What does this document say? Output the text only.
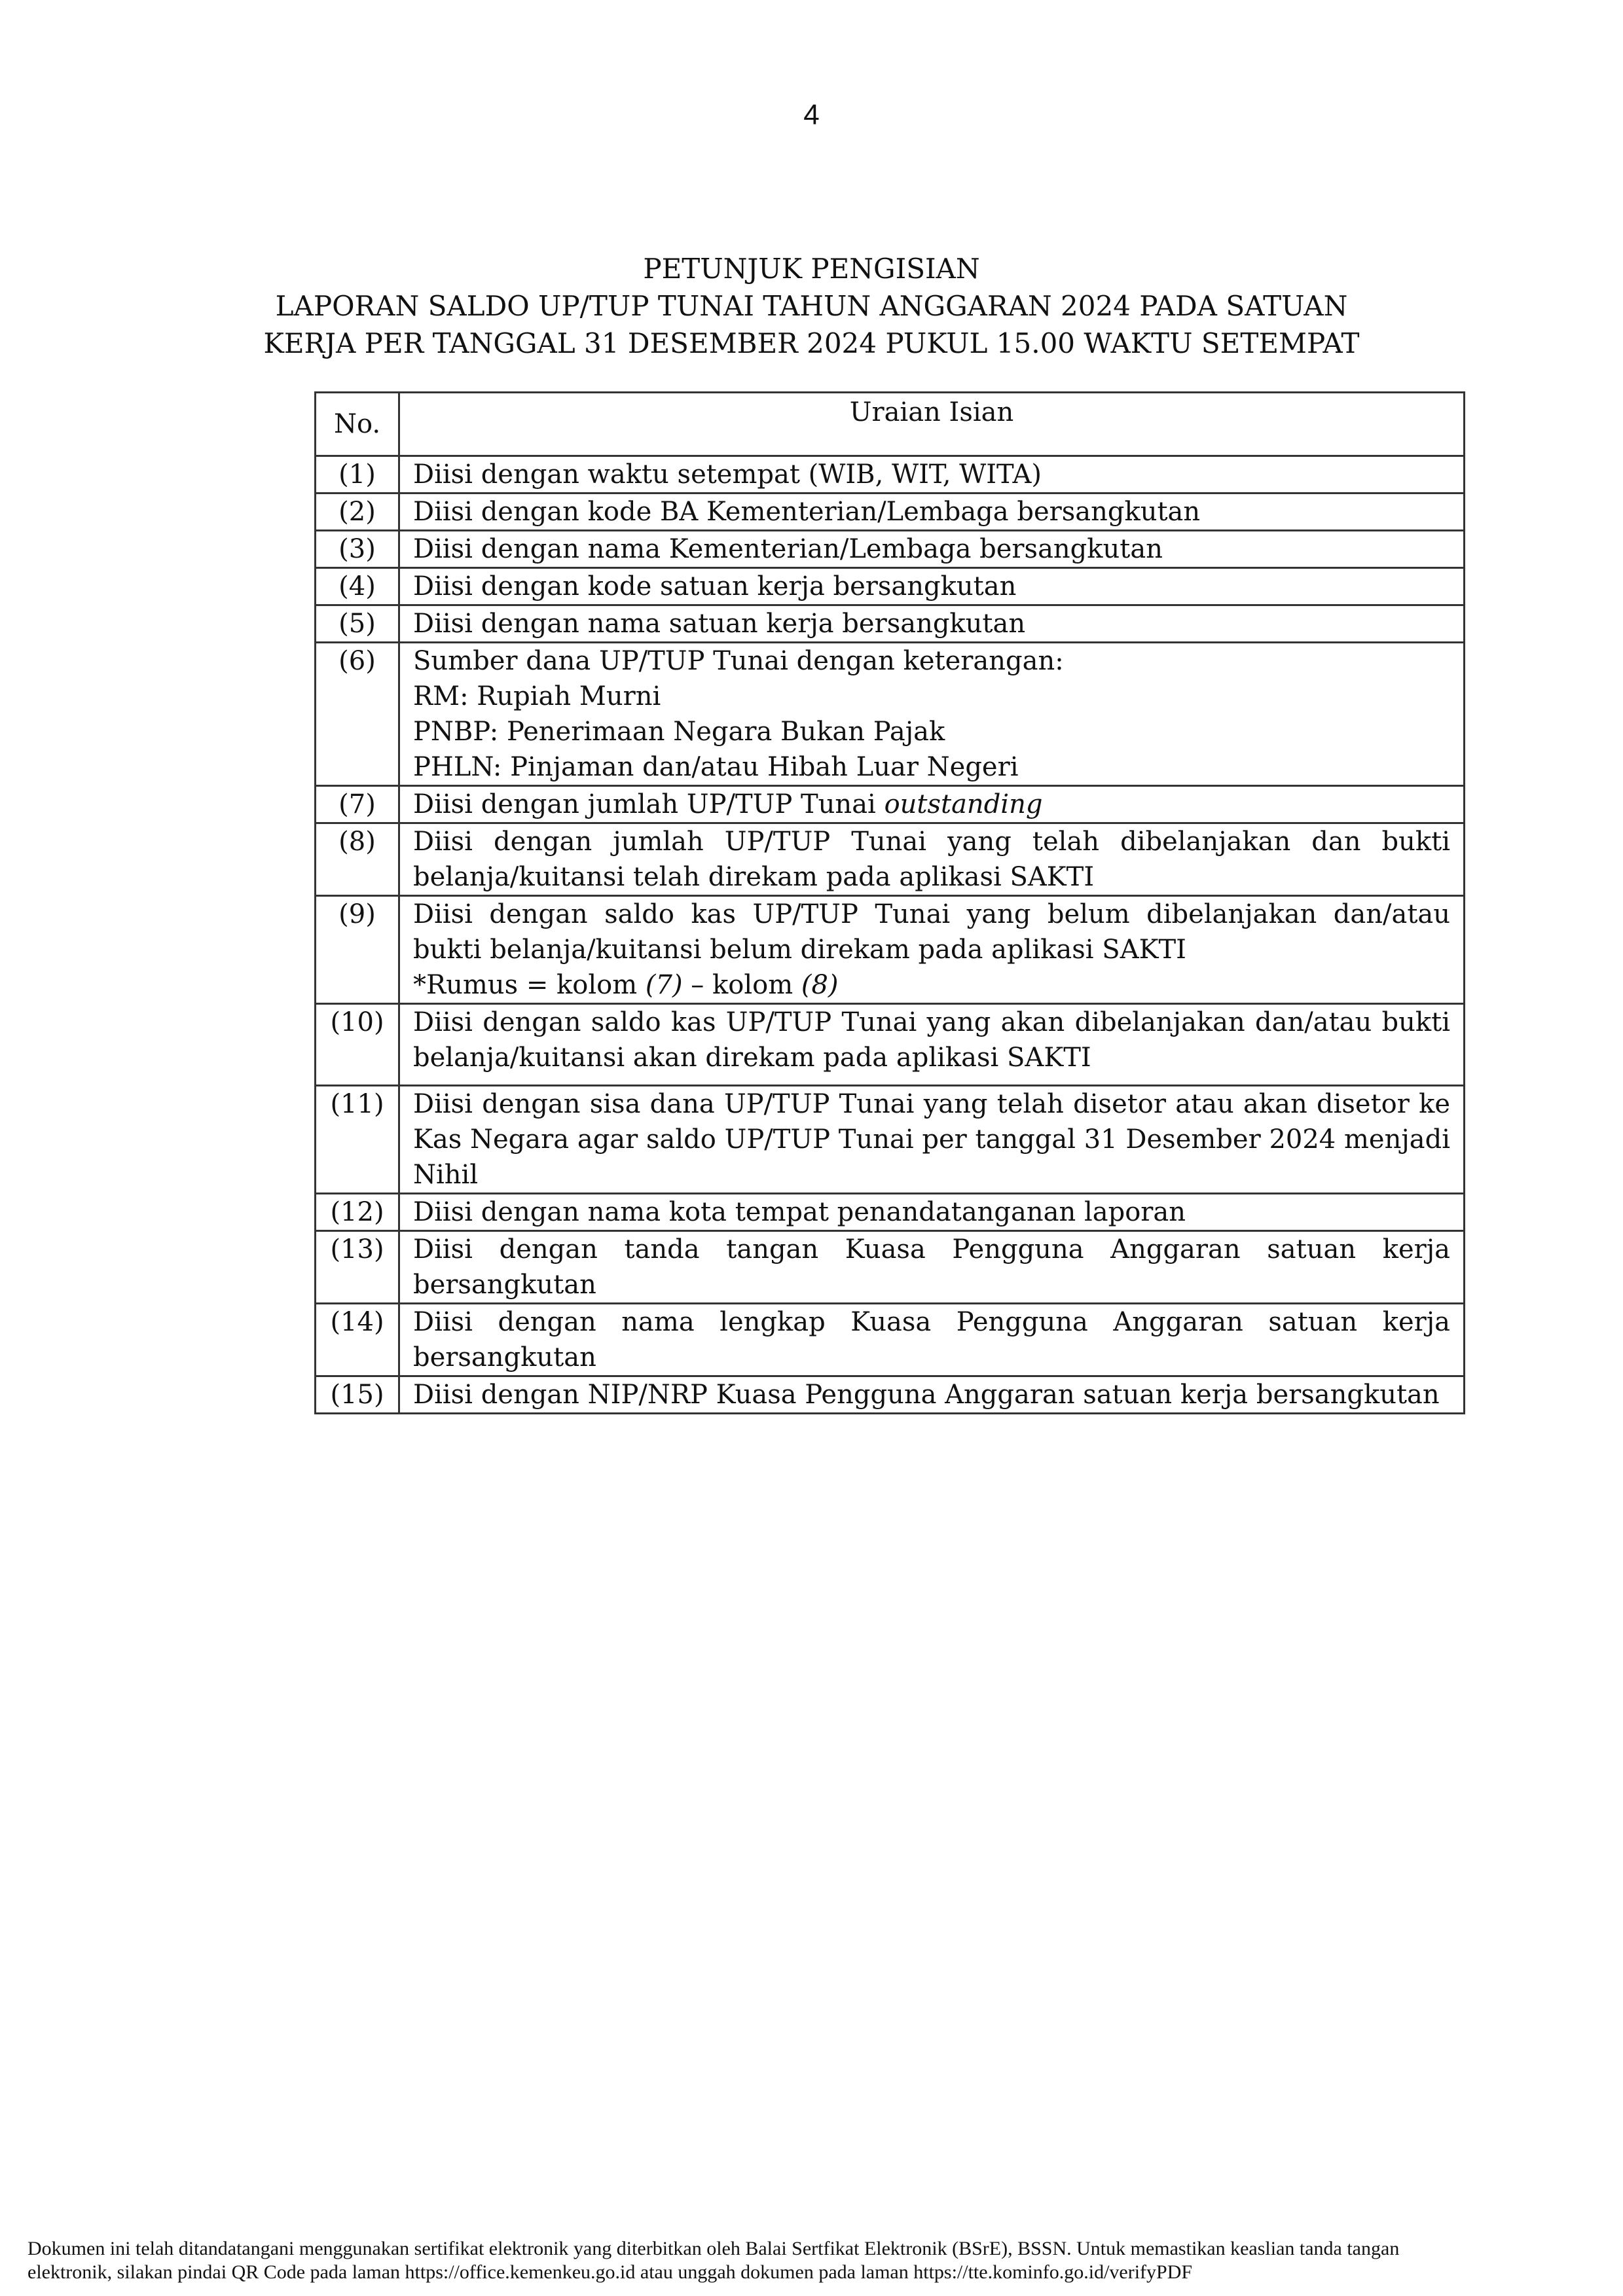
4
PETUNJUK PENGISIAN
LAPORAN SALDO UP/TUP TUNAI TAHUN ANGGARAN 2024 PADA SATUAN
KERJA PER TANGGAL 31 DESEMBER 2024 PUKUL 15.00 WAKTU SETEMPAT
No.	Uraian Isian
(1)	Diisi dengan waktu setempat (WIB, WIT, WITA)
(2)	Diisi dengan kode BA Kementerian/Lembaga bersangkutan
(3)	Diisi dengan nama Kementerian/Lembaga bersangkutan
(4)	Diisi dengan kode satuan kerja bersangkutan
(5)	Diisi dengan nama satuan kerja bersangkutan
(6)	Sumber dana UP/TUP Tunai dengan keterangan:
RM: Rupiah Murni
PNBP: Penerimaan Negara Bukan Pajak
PHLN: Pinjaman dan/atau Hibah Luar Negeri

(7)	Diisi dengan jumlah UP/TUP Tunai outstanding
(8)	Diisi dengan jumlah UP/TUP Tunai yang telah dibelanjakan dan bukti belanja/kuitansi telah direkam pada aplikasi SAKTI
(9)	Diisi dengan saldo kas UP/TUP Tunai yang belum dibelanjakan dan/atau bukti belanja/kuitansi belum direkam pada aplikasi SAKTI
*Rumus = kolom (7) – kolom (8)

(10)	Diisi dengan saldo kas UP/TUP Tunai yang akan dibelanjakan dan/atau bukti belanja/kuitansi akan direkam pada aplikasi SAKTI
(11)	Diisi dengan sisa dana UP/TUP Tunai yang telah disetor atau akan disetor ke Kas Negara agar saldo UP/TUP Tunai per tanggal 31 Desember 2024 menjadi Nihil
(12)	Diisi dengan nama kota tempat penandatanganan laporan
(13)	Diisi dengan tanda tangan Kuasa Pengguna Anggaran satuan kerja bersangkutan
(14)	Diisi dengan nama lengkap Kuasa Pengguna Anggaran satuan kerja bersangkutan
(15)	Diisi dengan NIP/NRP Kuasa Pengguna Anggaran satuan kerja bersangkutan
Dokumen ini telah ditandatangani menggunakan sertifikat elektronik yang diterbitkan oleh Balai Sertfikat Elektronik (BSrE), BSSN. Untuk memastikan keaslian tanda tangan
elektronik, silakan pindai QR Code pada laman https://office.kemenkeu.go.id atau unggah dokumen pada laman https://tte.kominfo.go.id/verifyPDF
